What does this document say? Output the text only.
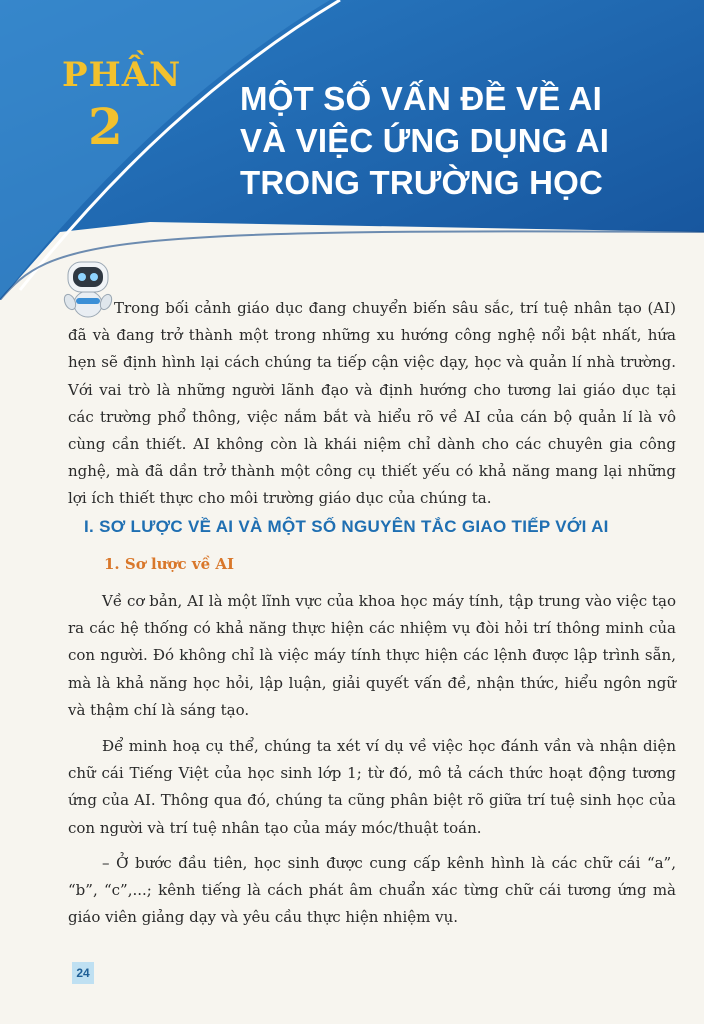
PHẦN
2	MỘT SỐ VẤN ĐỀ VỀ AI
VÀ VIỆC ỨNG DỤNG AI
TRONG TRƯỜNG HỌC

Trong bối cảnh giáo dục đang chuyển biến sâu sắc, trí tuệ nhân tạo (AI) đã và đang trở thành một trong những xu hướng công nghệ nổi bật nhất, hứa hẹn sẽ định hình lại cách chúng ta tiếp cận việc dạy, học và quản lí nhà trường. Với vai trò là những người lãnh đạo và định hướng cho tương lai giáo dục tại các trường phổ thông, việc nắm bắt và hiểu rõ về AI của cán bộ quản lí là vô cùng cần thiết. AI không còn là khái niệm chỉ dành cho các chuyên gia công nghệ, mà đã dần trở thành một công cụ thiết yếu có khả năng mang lại những lợi ích thiết thực cho môi trường giáo dục của chúng ta.

I. SƠ LƯỢC VỀ AI VÀ MỘT SỐ NGUYÊN TẮC GIAO TIẾP VỚI AI
1. Sơ lược về AI

Về cơ bản, AI là một lĩnh vực của khoa học máy tính, tập trung vào việc tạo ra các hệ thống có khả năng thực hiện các nhiệm vụ đòi hỏi trí thông minh của con người. Đó không chỉ là việc máy tính thực hiện các lệnh được lập trình sẵn, mà là khả năng học hỏi, lập luận, giải quyết vấn đề, nhận thức, hiểu ngôn ngữ và thậm chí là sáng tạo.

Để minh hoạ cụ thể, chúng ta xét ví dụ về việc học đánh vần và nhận diện chữ cái Tiếng Việt của học sinh lớp 1; từ đó, mô tả cách thức hoạt động tương ứng của AI. Thông qua đó, chúng ta cũng phân biệt rõ giữa trí tuệ sinh học của con người và trí tuệ nhân tạo của máy móc/thuật toán.

– Ở bước đầu tiên, học sinh được cung cấp kênh hình là các chữ cái “a”, “b”, “c”,...; kênh tiếng là cách phát âm chuẩn xác từng chữ cái tương ứng mà giáo viên giảng dạy và yêu cầu thực hiện nhiệm vụ.

24
